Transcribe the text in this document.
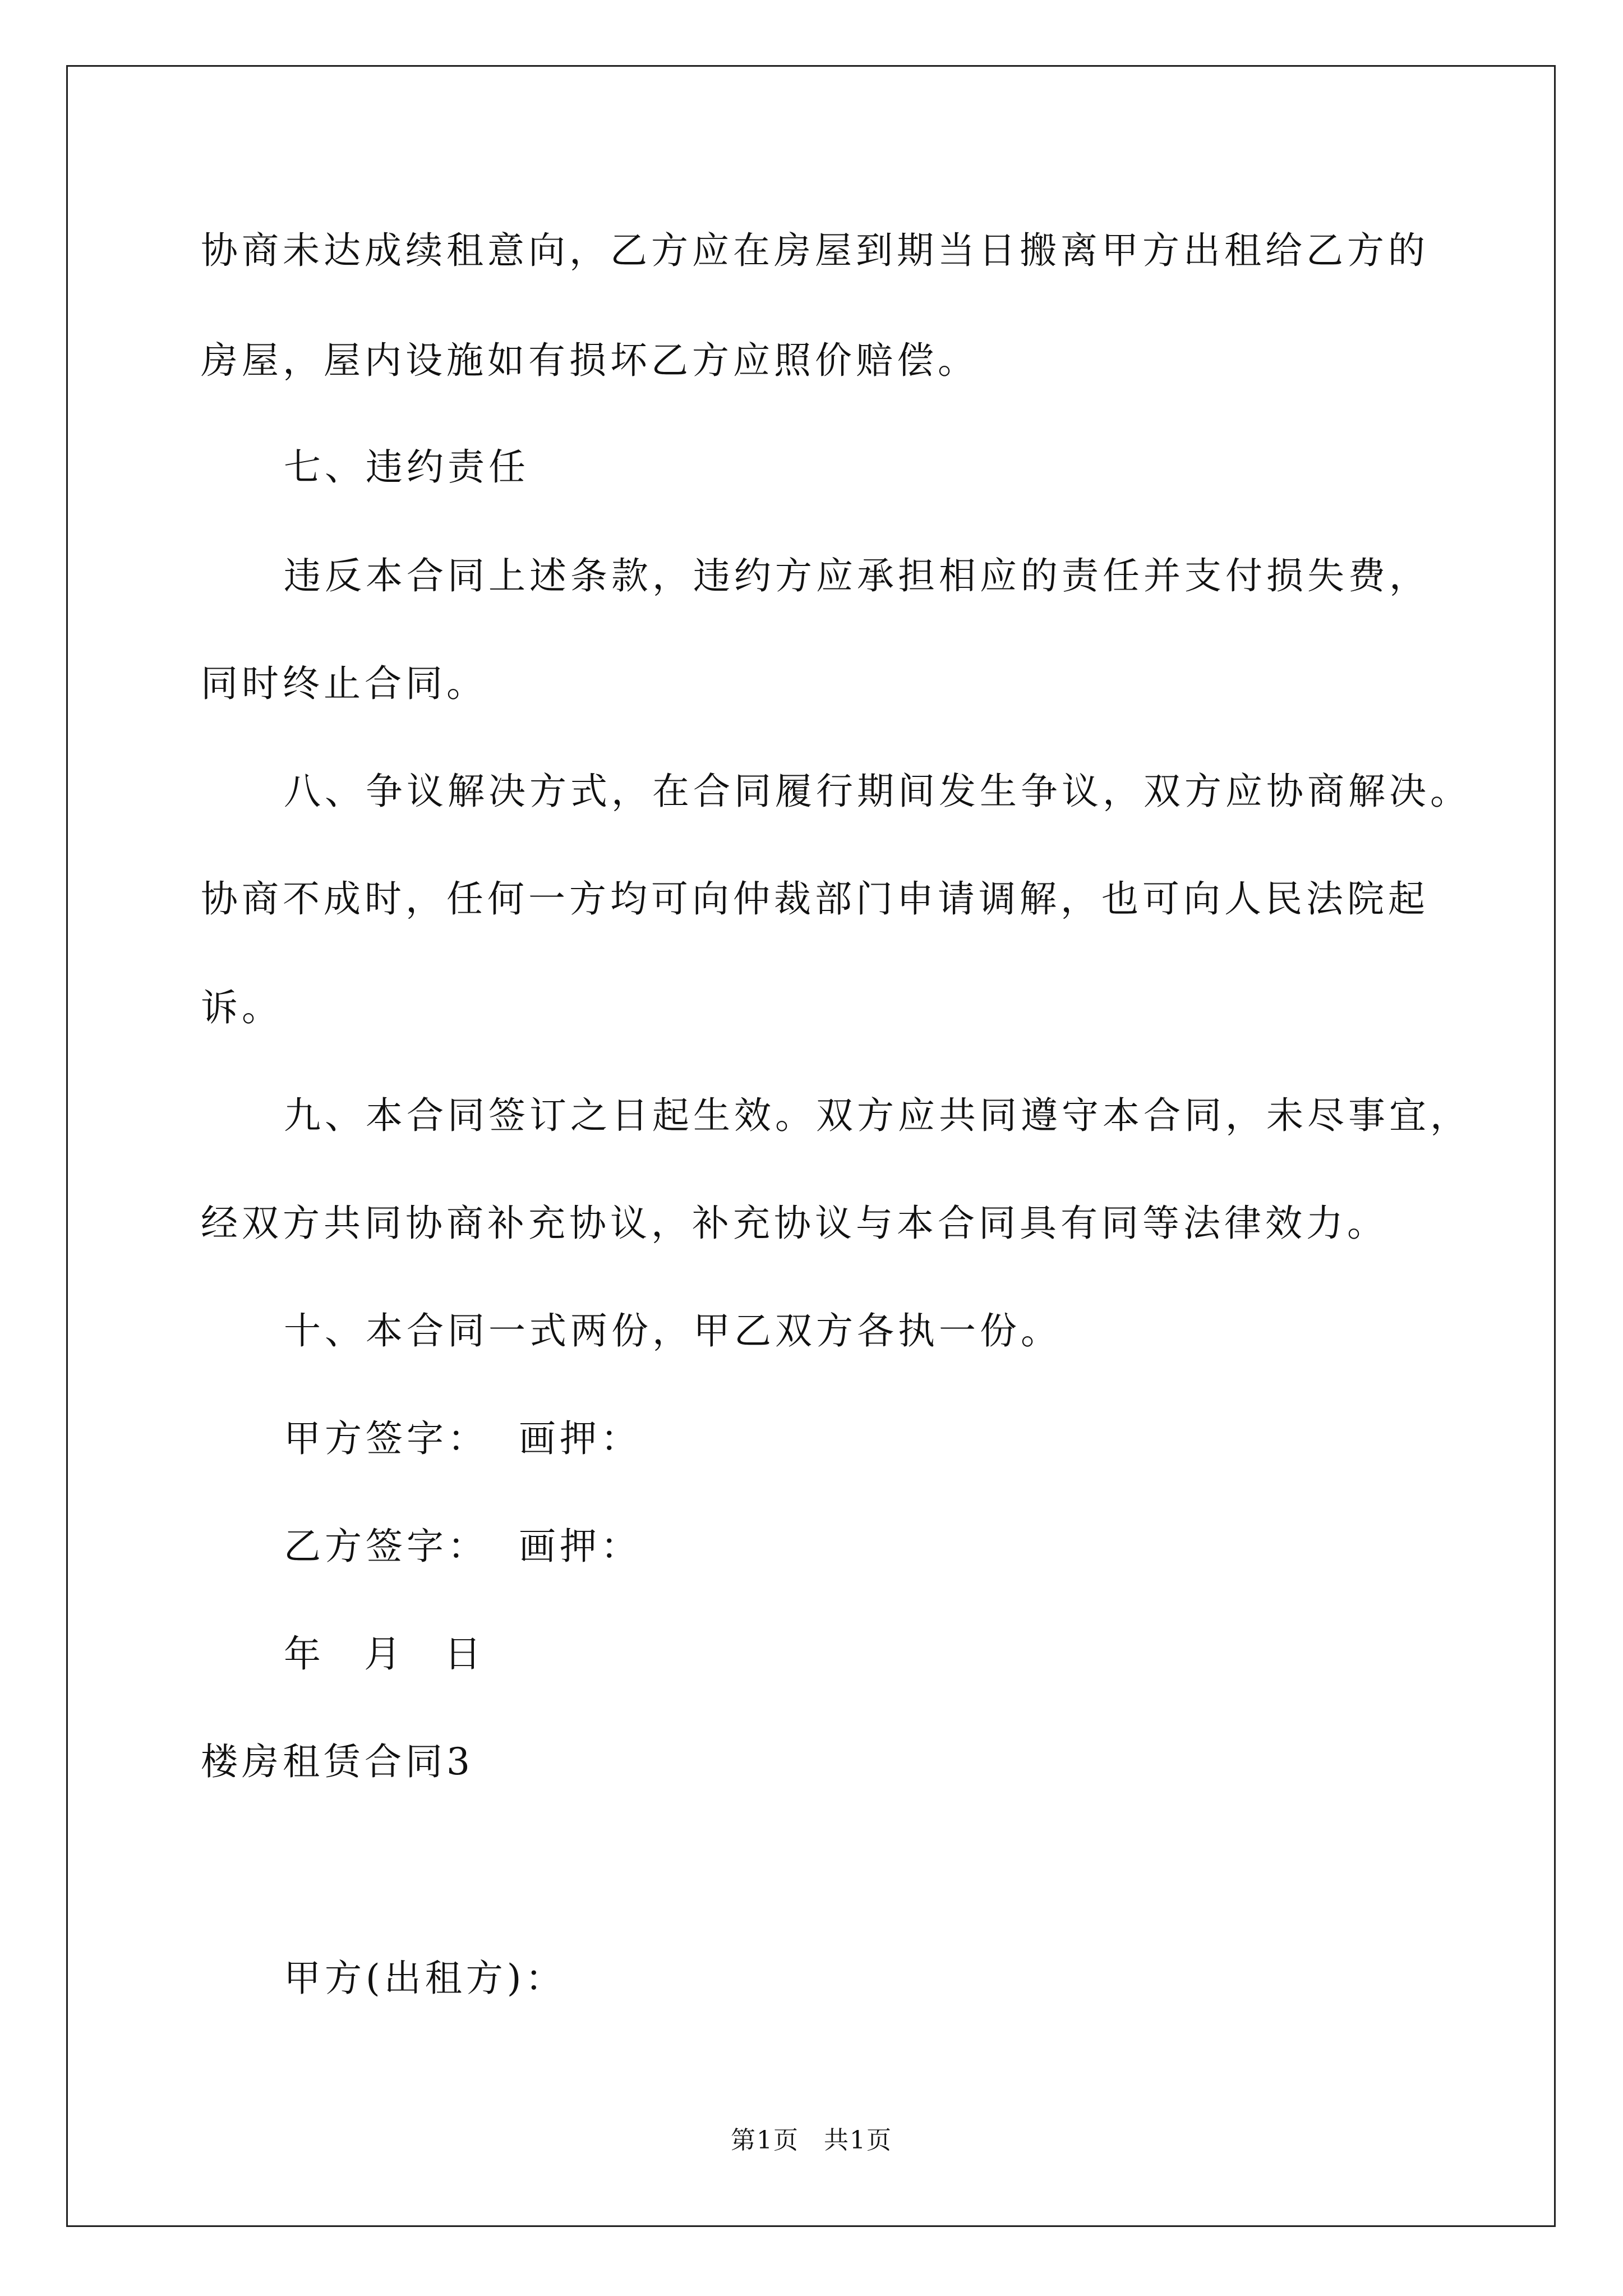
协商未达成续租意向，乙方应在房屋到期当日搬离甲方出租给乙方的
房屋，屋内设施如有损坏乙方应照价赔偿。
七、违约责任
违反本合同上述条款，违约方应承担相应的责任并支付损失费，
同时终止合同。
八、争议解决方式，在合同履行期间发生争议，双方应协商解决。
协商不成时，任何一方均可向仲裁部门申请调解，也可向人民法院起
诉。
九、本合同签订之日起生效。双方应共同遵守本合同，未尽事宜，
经双方共同协商补充协议，补充协议与本合同具有同等法律效力。
十、本合同一式两份，甲乙双方各执一份。
甲方签字： 画押：
乙方签字： 画押：
年 月 日
楼房租赁合同3
甲方(出租方)：
第1页 共1页
